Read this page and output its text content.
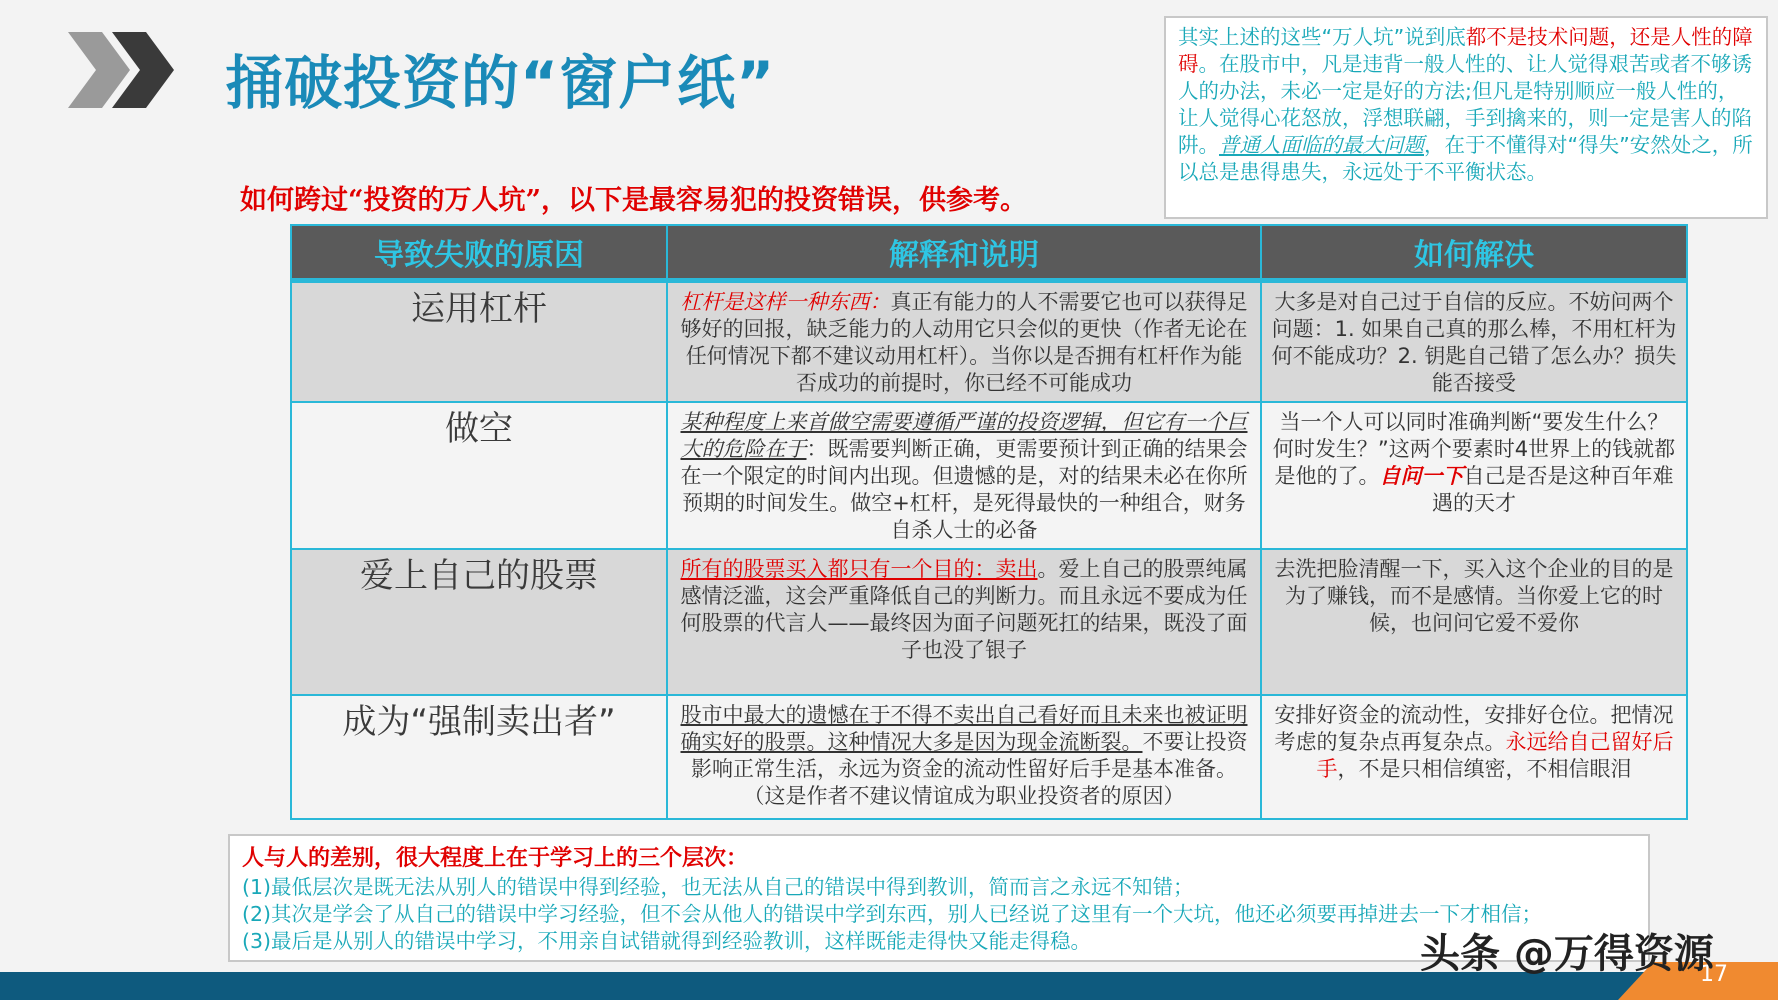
捅破投资的“窗户纸”
如何跨过“投资的万人坑”，以下是最容易犯的投资错误，供参考。
其实上述的这些“万人坑”说到底都不是技术问题，还是人性的障碍。在股市中，凡是违背一般人性的、让人觉得艰苦或者不够诱人的办法，未必一定是好的方法;但凡是特别顺应一般人性的，让人觉得心花怒放，浮想联翩，手到擒来的，则一定是害人的陷阱。普通人面临的最大问题，在于不懂得对“得失”安然处之，所以总是患得患失，永远处于不平衡状态。
导致失败的原因	解释和说明	如何解决
运用杠杆	杠杆是这样一种东西：真正有能力的人不需要它也可以获得足够好的回报，缺乏能力的人动用它只会似的更快（作者无论在任何情况下都不建议动用杠杆）。当你以是否拥有杠杆作为能否成功的前提时，你已经不可能成功	大多是对自己过于自信的反应。不妨问两个问题：1. 如果自己真的那么棒，不用杠杆为何不能成功？2. 钥匙自己错了怎么办？损失能否接受
做空	某种程度上来首做空需要遵循严谨的投资逻辑，但它有一个巨大的危险在于：既需要判断正确，更需要预计到正确的结果会在一个限定的时间内出现。但遗憾的是，对的结果未必在你所预期的时间发生。做空+杠杆，是死得最快的一种组合，财务自杀人士的必备	当一个人可以同时准确判断“要发生什么？何时发生？”这两个要素时4世界上的钱就都是他的了。自问一下自己是否是这种百年难遇的天才
爱上自己的股票	所有的股票买入都只有一个目的：卖出。爱上自己的股票纯属感情泛滥，这会严重降低自己的判断力。而且永远不要成为任何股票的代言人——最终因为面子问题死扛的结果，既没了面子也没了银子	去洗把脸清醒一下，买入这个企业的目的是为了赚钱，而不是感情。当你爱上它的时候，也问问它爱不爱你
成为“强制卖出者”	股市中最大的遗憾在于不得不卖出自己看好而且未来也被证明确实好的股票。这种情况大多是因为现金流断裂。不要让投资影响正常生活，永远为资金的流动性留好后手是基本准备。（这是作者不建议情谊成为职业投资者的原因）	安排好资金的流动性，安排好仓位。把情况考虑的复杂点再复杂点。永远给自己留好后手，不是只相信缜密，不相信眼泪
人与人的差别，很大程度上在于学习上的三个层次：
(1)最低层次是既无法从别人的错误中得到经验，也无法从自己的错误中得到教训，简而言之永远不知错；
(2)其次是学会了从自己的错误中学习经验，但不会从他人的错误中学到东西，别人已经说了这里有一个大坑，他还必须要再掉进去一下才相信；
(3)最后是从别人的错误中学习，不用亲自试错就得到经验教训，这样既能走得快又能走得稳。
17
头条 @万得资源
